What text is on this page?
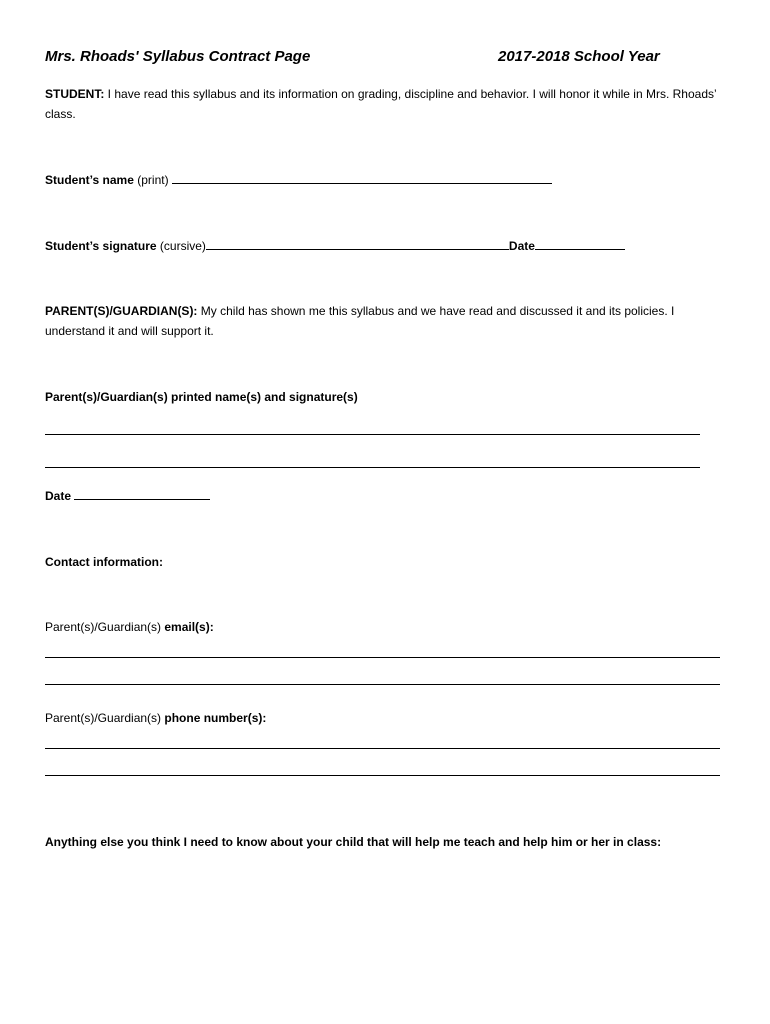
Mrs. Rhoads' Syllabus Contract Page	2017-2018 School Year
STUDENT: I have read this syllabus and its information on grading, discipline and behavior. I will honor it while in Mrs. Rhoads’ class.
Student’s name (print)
Student’s signature (cursive)	Date
PARENT(S)/GUARDIAN(S): My child has shown me this syllabus and we have read and discussed it and its policies. I understand it and will support it.
Parent(s)/Guardian(s) printed name(s) and signature(s)
Date
Contact information:
Parent(s)/Guardian(s) email(s):
Parent(s)/Guardian(s) phone number(s):
Anything else you think I need to know about your child that will help me teach and help him or her in class:
